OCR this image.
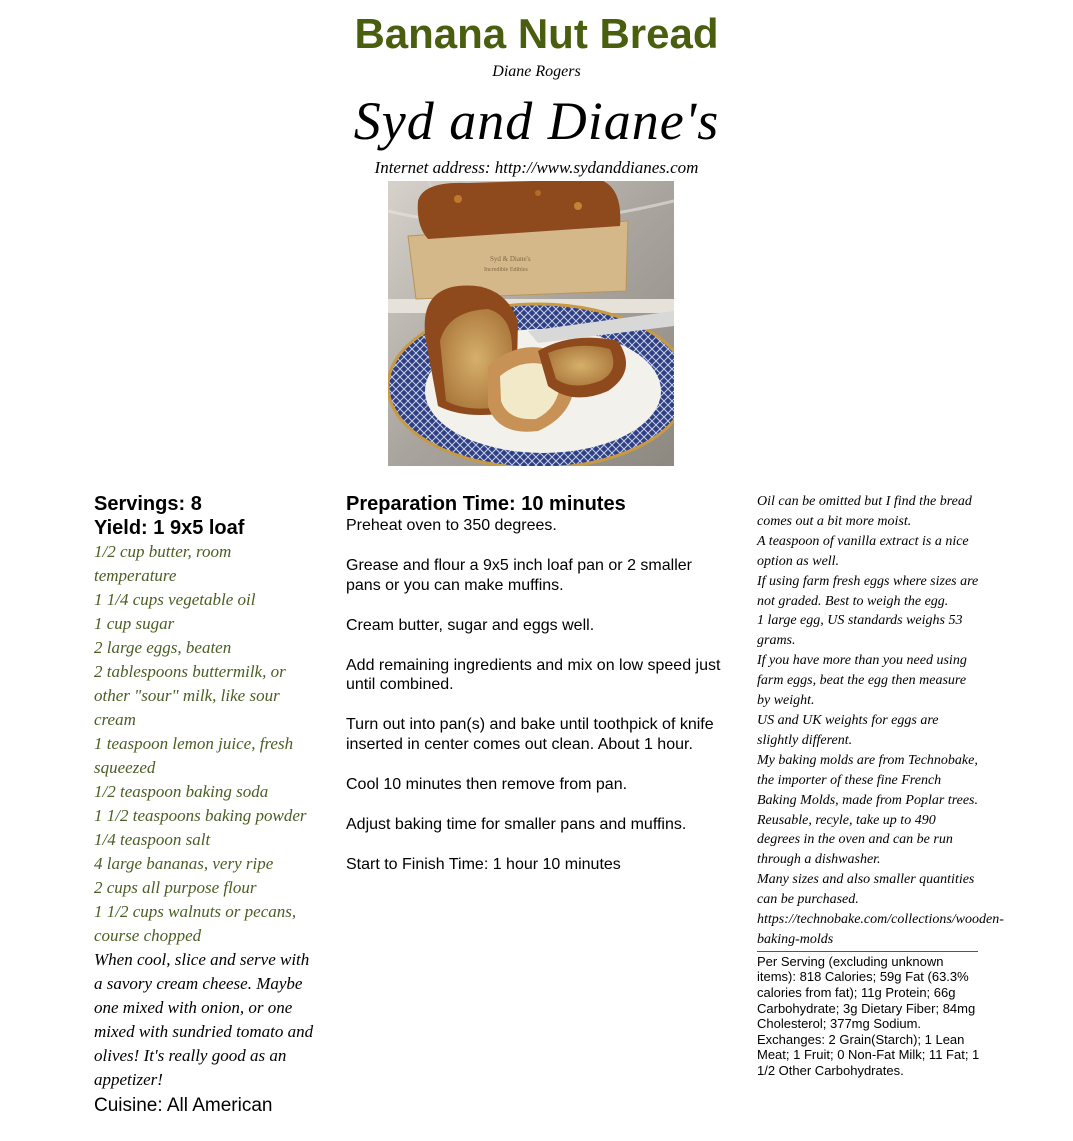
Banana Nut Bread
Diane Rogers
Syd and Diane's
Internet address: http://www.sydanddianes.com
Syd & Diane's
Incredible Edibles
Servings: 8
Yield: 1 9x5 loaf
1/2 cup butter, room temperature
1 1/4 cups vegetable oil
1 cup sugar
2 large eggs, beaten
2 tablespoons buttermilk, or other "sour" milk, like sour cream
1 teaspoon lemon juice, fresh squeezed
1/2 teaspoon baking soda
1 1/2 teaspoons baking powder
1/4 teaspoon salt
4 large bananas, very ripe
2 cups all purpose flour
1 1/2 cups walnuts or pecans, course chopped
When cool, slice and serve with a savory cream cheese. Maybe one mixed with onion, or one mixed with sundried tomato and olives! It's really good as an appetizer!
Cuisine: All American
Preparation Time: 10 minutes
Preheat oven to 350 degrees.
Grease and flour a 9x5 inch loaf pan or 2 smaller pans or you can make muffins.
Cream butter, sugar and eggs well.
Add remaining ingredients and mix on low speed just until combined.
Turn out into pan(s) and bake until toothpick of knife inserted in center comes out clean. About 1 hour.
Cool 10 minutes then remove from pan.
Adjust baking time for smaller pans and muffins.
Start to Finish Time: 1 hour 10 minutes
Oil can be omitted but I find the bread comes out a bit more moist.
A teaspoon of vanilla extract is a nice option as well.
If using farm fresh eggs where sizes are not graded. Best to weigh the egg.
1 large egg, US standards weighs 53 grams.
If you have more than you need using farm eggs, beat the egg then measure by weight.
US and UK weights for eggs are slightly different.
My baking molds are from Technobake, the importer of these fine French Baking Molds, made from Poplar trees. Reusable, recyle, take up to 490 degrees in the oven and can be run through a dishwasher.
Many sizes and also smaller quantities can be purchased.
https://technobake.com/collections/wooden-baking-molds
Per Serving (excluding unknown items): 818 Calories; 59g Fat (63.3% calories from fat); 11g Protein; 66g Carbohydrate; 3g Dietary Fiber; 84mg Cholesterol; 377mg Sodium. Exchanges: 2 Grain(Starch); 1 Lean Meat; 1 Fruit; 0 Non-Fat Milk; 11 Fat; 1 1/2 Other Carbohydrates.
